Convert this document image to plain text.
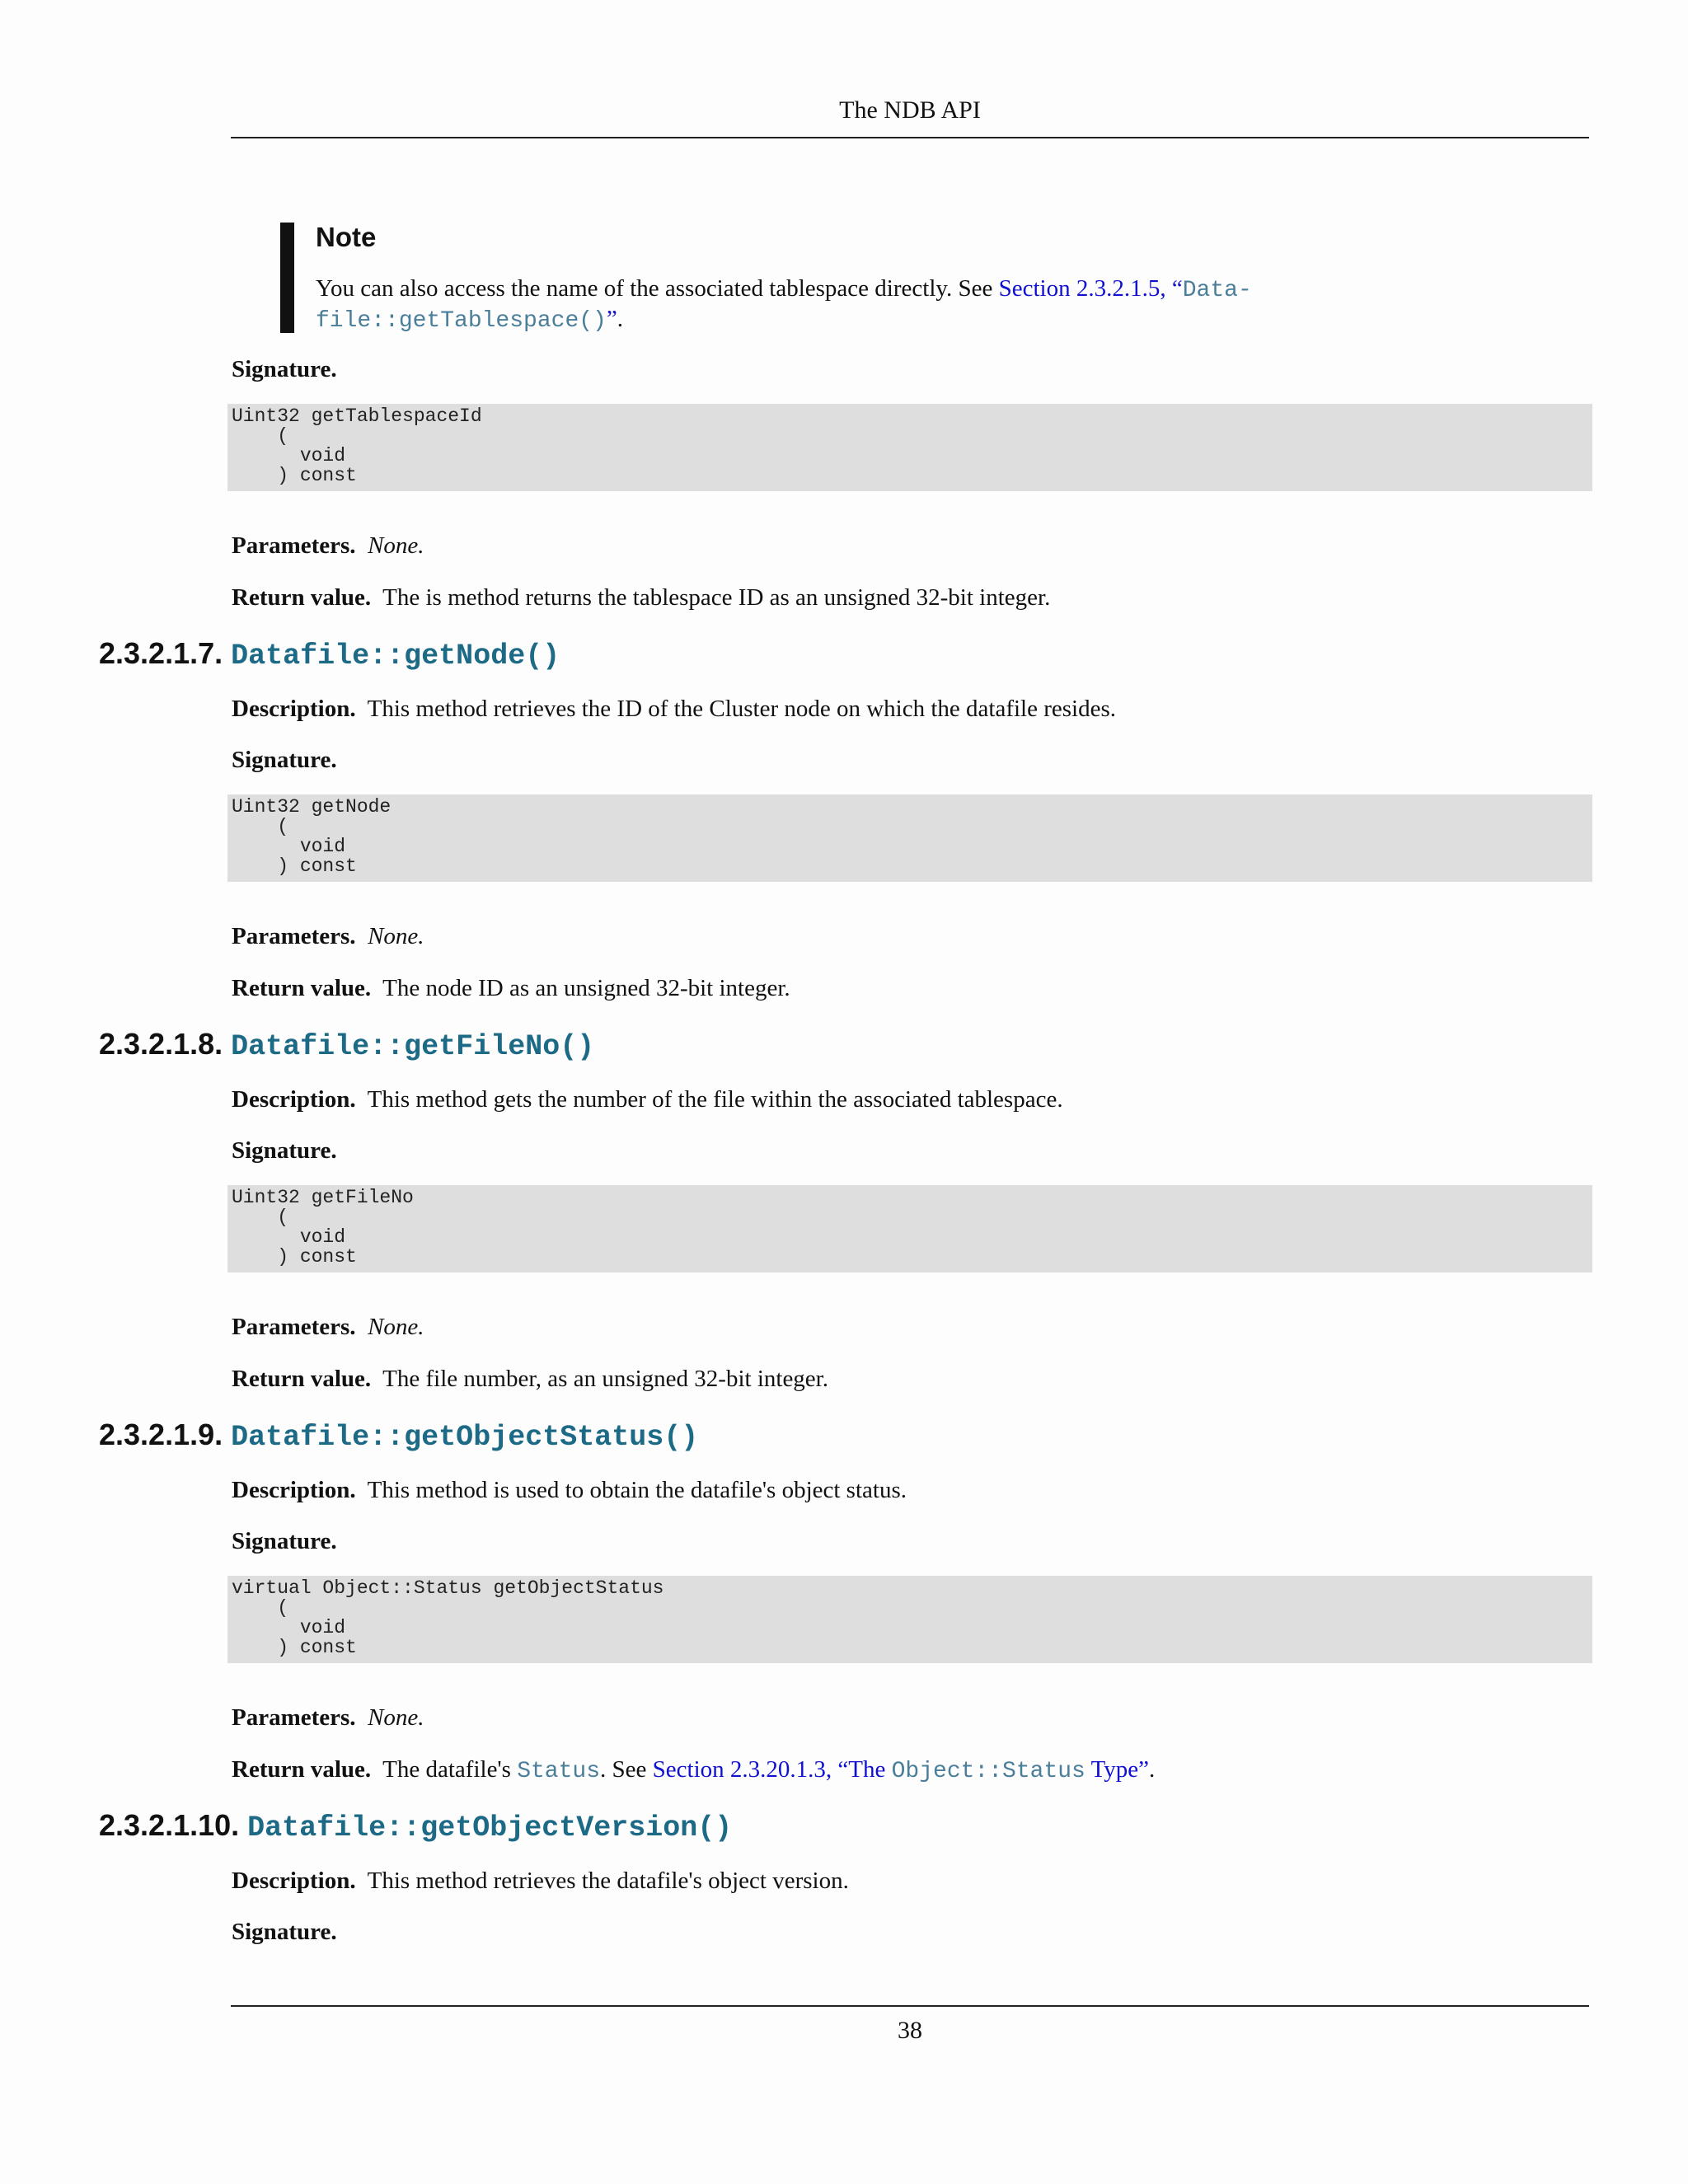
The NDB API

Note

You can also access the name of the associated tablespace directly. See Section 2.3.2.1.5, “Data-
file::getTablespace()”.

Signature.

Uint32 getTablespaceId
(
void
) const

Parameters. None.

Return value. The is method returns the tablespace ID as an unsigned 32-bit integer.

2.3.2.1.7. Datafile::getNode()

Description. This method retrieves the ID of the Cluster node on which the datafile resides.

Signature.

Uint32 getNode
(
void
) const

Parameters. None.

Return value. The node ID as an unsigned 32-bit integer.

2.3.2.1.8. Datafile::getFileNo()

Description. This method gets the number of the file within the associated tablespace.

Signature.

Uint32 getFileNo
(
void
) const

Parameters. None.

Return value. The file number, as an unsigned 32-bit integer.

2.3.2.1.9. Datafile::getObjectStatus()

Description. This method is used to obtain the datafile's object status.

Signature.

virtual Object::Status getObjectStatus
(
void
) const

Parameters. None.

Return value. The datafile's Status. See Section 2.3.20.1.3, “The Object::Status Type”.

2.3.2.1.10. Datafile::getObjectVersion()

Description. This method retrieves the datafile's object version.

Signature.

38
